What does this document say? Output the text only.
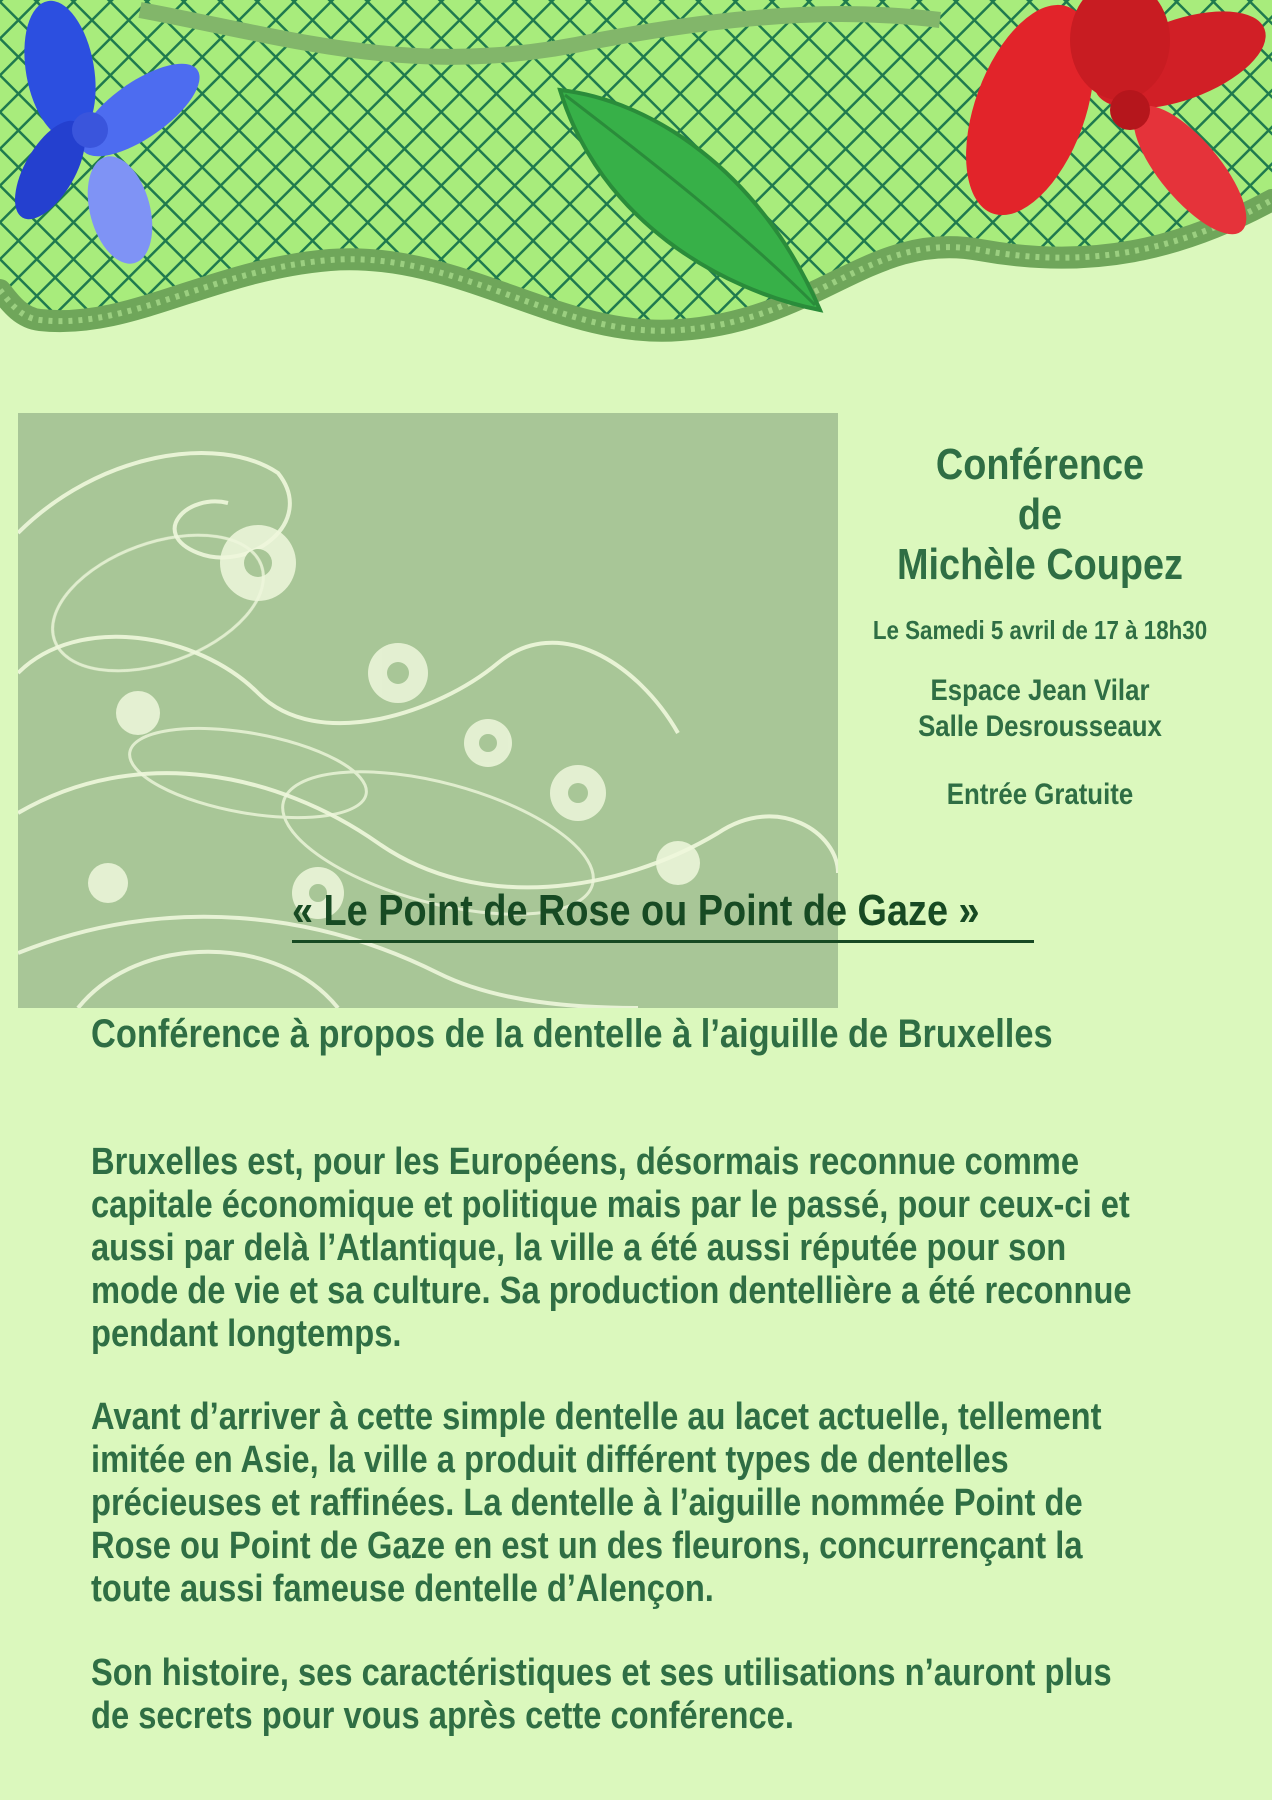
Conférence
de
Michèle Coupez
Le Samedi 5 avril de 17 à 18h30
Espace Jean Vilar
Salle Desrousseaux
Entrée Gratuite
« Le Point de Rose ou Point de Gaze »
Conférence à propos de la dentelle à l’aiguille de Bruxelles
Bruxelles est, pour les Européens, désormais reconnue comme
capitale économique et politique mais par le passé, pour ceux-ci et
aussi par delà l’Atlantique, la ville a été aussi réputée pour son
mode de vie et sa culture. Sa production dentellière a été reconnue
pendant longtemps.
Avant d’arriver à cette simple dentelle au lacet actuelle, tellement
imitée en Asie, la ville a produit différent types de dentelles
précieuses et raffinées. La dentelle à l’aiguille nommée Point de
Rose ou Point de Gaze en est un des fleurons, concurrençant la
toute aussi fameuse dentelle d’Alençon.
Son histoire, ses caractéristiques et ses utilisations n’auront plus
de secrets pour vous après cette conférence.
